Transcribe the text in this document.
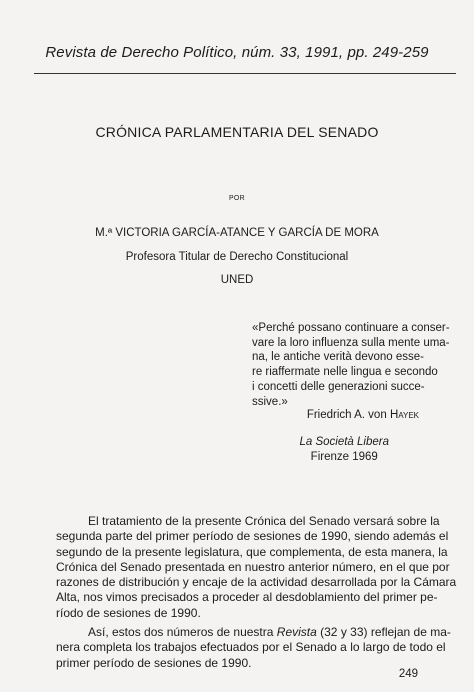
Revista de Derecho Político, núm. 33, 1991, pp. 249-259
CRÓNICA PARLAMENTARIA DEL SENADO
POR
M.ª VICTORIA GARCÍA-ATANCE Y GARCÍA DE MORA
Profesora Titular de Derecho Constitucional
UNED

«Perché possano continuare a conser-
vare la loro influenza sulla mente uma-
na, le antiche verità devono esse-
re riaffermate nelle lingua e secondo
i concetti delle generazioni succe-
ssive.»

Friedrich A. von Hayek
La Società Libera
Firenze 1969

El tratamiento de la presente Crónica del Senado versará sobre la
segunda parte del primer período de sesiones de 1990, siendo además el
segundo de la presente legislatura, que complementa, de esta manera, la
Crónica del Senado presentada en nuestro anterior número, en el que por
razones de distribución y encaje de la actividad desarrollada por la Cámara
Alta, nos vimos precisados a proceder al desdoblamiento del primer pe-
ríodo de sesiones de 1990.

Así, estos dos números de nuestra Revista (32 y 33) reflejan de ma-
nera completa los trabajos efectuados por el Senado a lo largo de todo el
primer período de sesiones de 1990.

249
